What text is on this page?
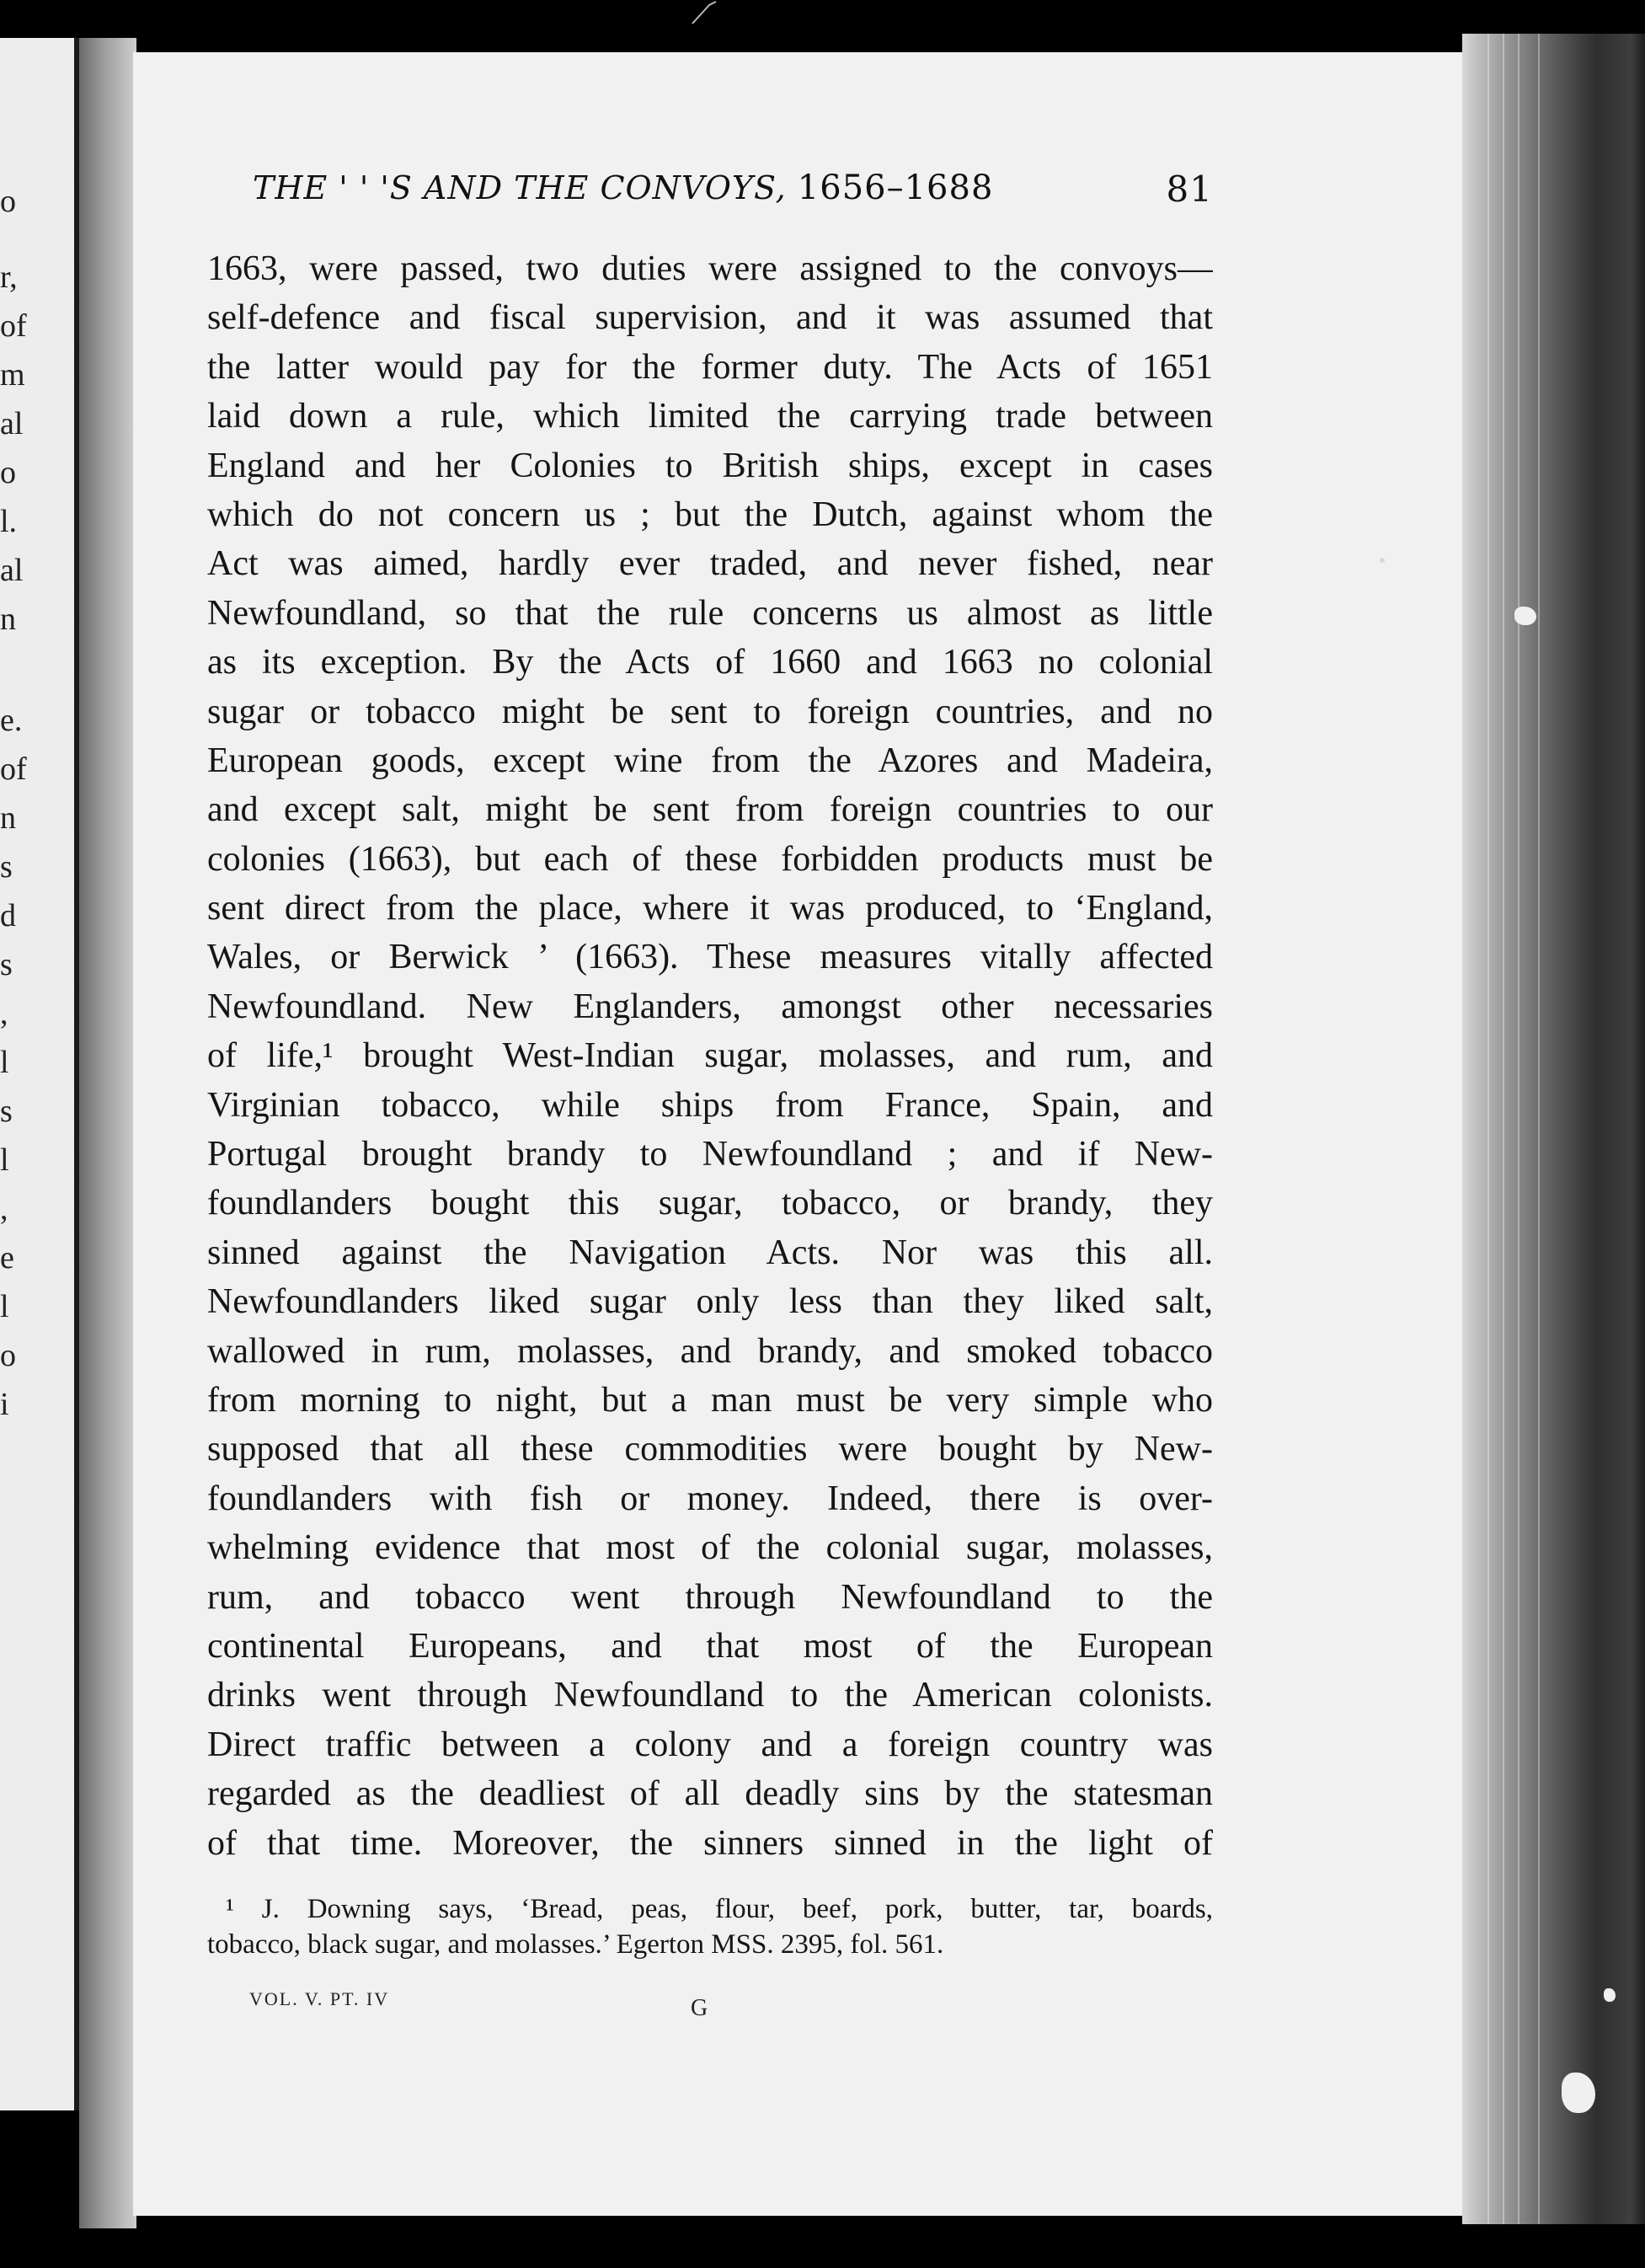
r,
of
m
al
o
l.
al
n
e.
of
n
s
d
s
,
l
s
l
,
e
l
o
i
o	THE ' ' 'S AND THE CONVOYS, 1656–1688	81
1663, were passed, two duties were assigned to the convoys—
self-defence and fiscal supervision, and it was assumed that
the latter would pay for the former duty. The Acts of 1651
laid down a rule, which limited the carrying trade between
England and her Colonies to British ships, except in cases
which do not concern us ; but the Dutch, against whom the
Act was aimed, hardly ever traded, and never fished, near
Newfoundland, so that the rule concerns us almost as little
as its exception. By the Acts of 1660 and 1663 no colonial
sugar or tobacco might be sent to foreign countries, and no
European goods, except wine from the Azores and Madeira,
and except salt, might be sent from foreign countries to our
colonies (1663), but each of these forbidden products must be
sent direct from the place, where it was produced, to ‘England,
Wales, or Berwick ’ (1663). These measures vitally affected
Newfoundland. New Englanders, amongst other necessaries
of life,¹ brought West-Indian sugar, molasses, and rum, and
Virginian tobacco, while ships from France, Spain, and
Portugal brought brandy to Newfoundland ; and if New-
foundlanders bought this sugar, tobacco, or brandy, they
sinned against the Navigation Acts. Nor was this all.
Newfoundlanders liked sugar only less than they liked salt,
wallowed in rum, molasses, and brandy, and smoked tobacco
from morning to night, but a man must be very simple who
supposed that all these commodities were bought by New-
foundlanders with fish or money. Indeed, there is over-
whelming evidence that most of the colonial sugar, molasses,
rum, and tobacco went through Newfoundland to the
continental Europeans, and that most of the European
drinks went through Newfoundland to the American colonists.
Direct traffic between a colony and a foreign country was
regarded as the deadliest of all deadly sins by the statesman
of that time. Moreover, the sinners sinned in the light of
¹ J. Downing says, ‘Bread, peas, flour, beef, pork, butter, tar, boards,
tobacco, black sugar, and molasses.’ Egerton MSS. 2395, fol. 561.
VOL. V. PT. IV	G
